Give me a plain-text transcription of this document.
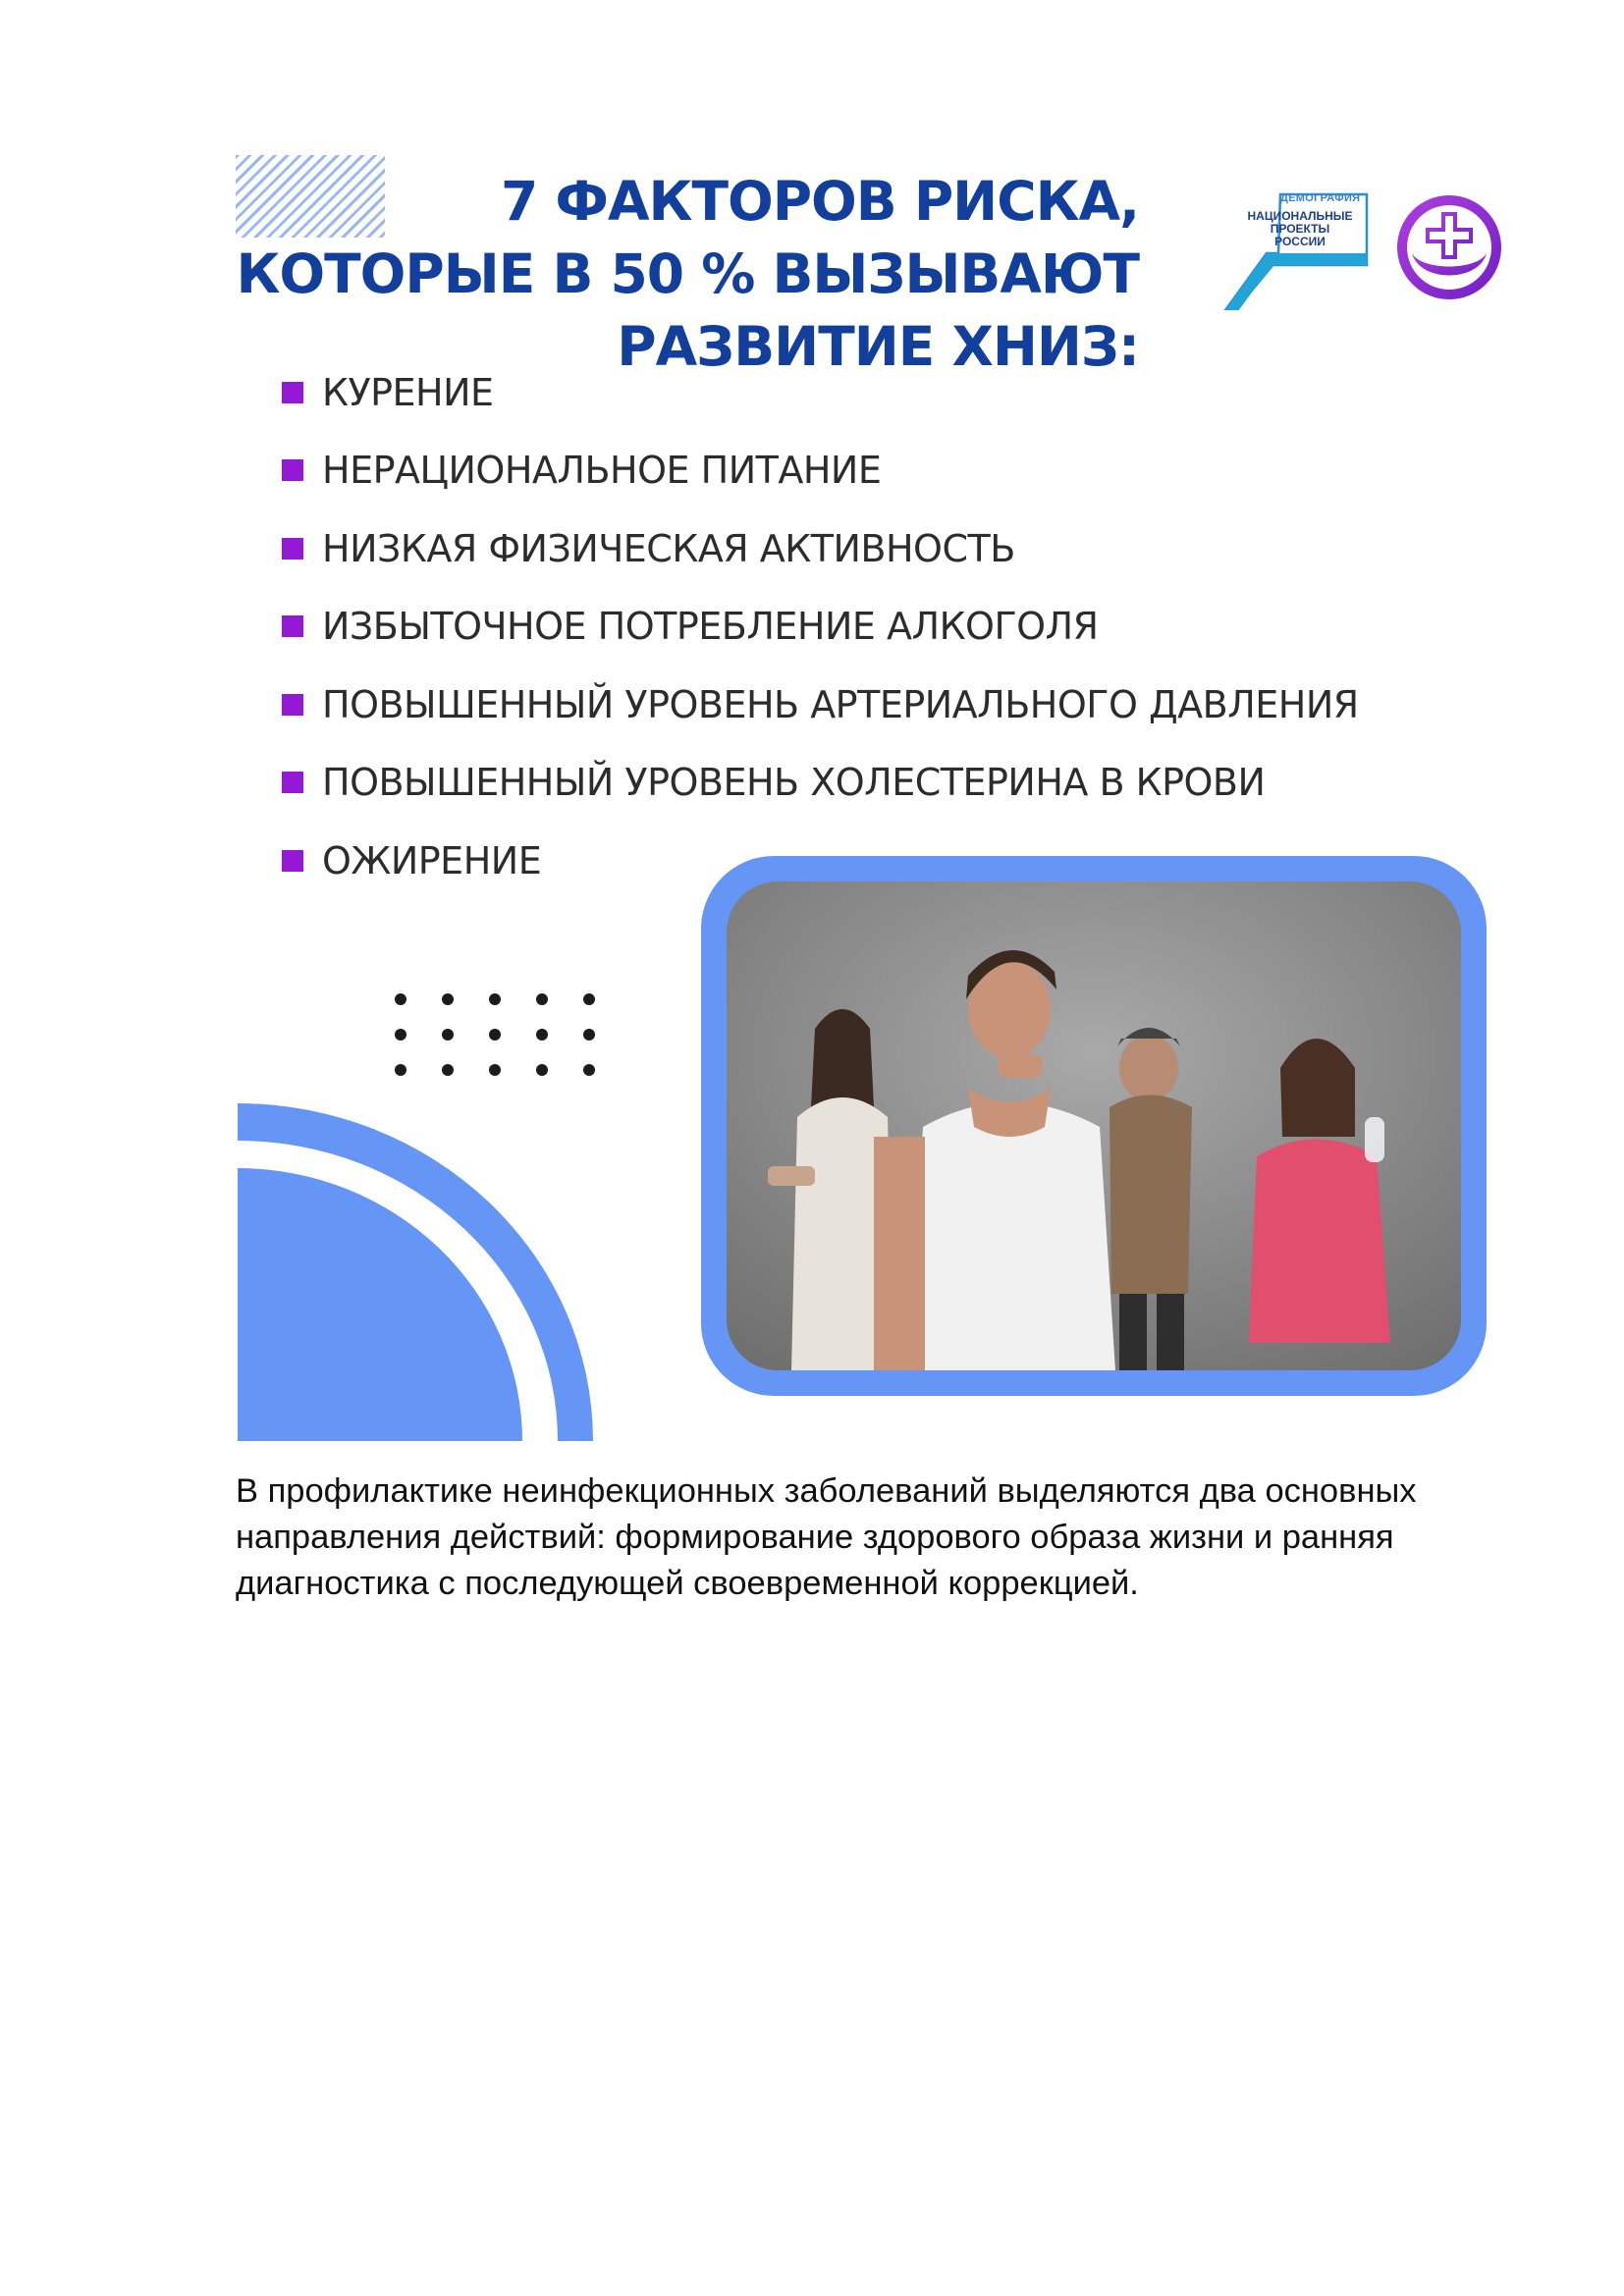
7 ФАКТОРОВ РИСКА,
КОТОРЫЕ В 50 % ВЫЗЫВАЮТ
РАЗВИТИЕ ХНИЗ:
ДЕМОГРАФИЯ
НАЦИОНАЛЬНЫЕ
ПРОЕКТЫ
РОССИИ
КУРЕНИЕ
НЕРАЦИОНАЛЬНОЕ ПИТАНИЕ
НИЗКАЯ ФИЗИЧЕСКАЯ АКТИВНОСТЬ
ИЗБЫТОЧНОЕ ПОТРЕБЛЕНИЕ АЛКОГОЛЯ
ПОВЫШЕННЫЙ УРОВЕНЬ АРТЕРИАЛЬНОГО ДАВЛЕНИЯ
ПОВЫШЕННЫЙ УРОВЕНЬ ХОЛЕСТЕРИНА В КРОВИ
ОЖИРЕНИЕ

В профилактике неинфекционных заболеваний выделяются два основных направления действий: формирование здорового образа жизни и ранняя диагностика с последующей своевременной коррекцией.
